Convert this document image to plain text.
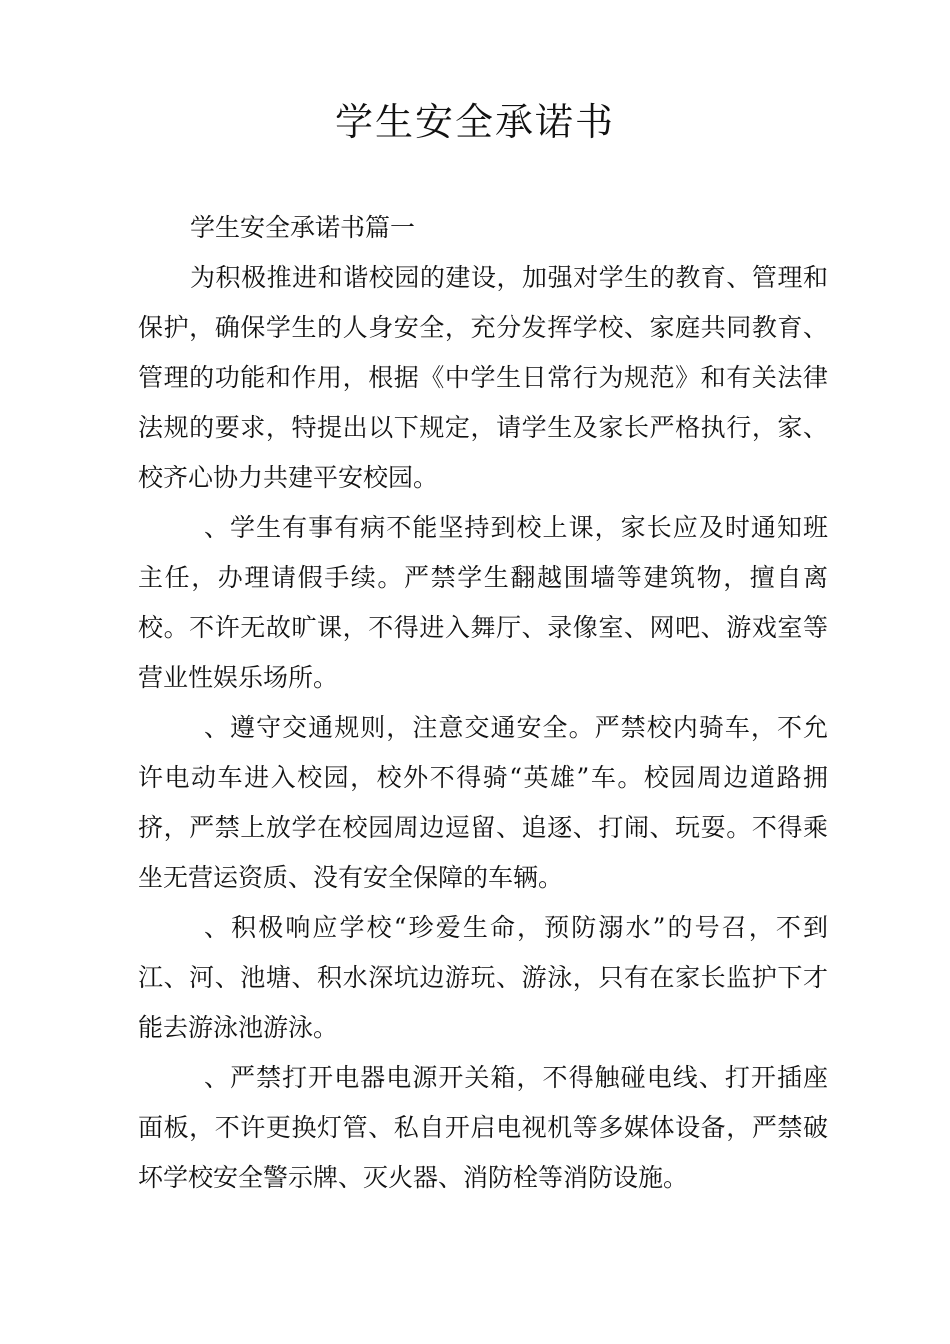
学生安全承诺书

学生安全承诺书篇一

为积极推进和谐校园的建设，加强对学生的教育、管理和保护，确保学生的人身安全，充分发挥学校、家庭共同教育、管理的功能和作用，根据《中学生日常行为规范》和有关法律法规的要求，特提出以下规定，请学生及家长严格执行，家、校齐心协力共建平安校园。

、学生有事有病不能坚持到校上课，家长应及时通知班主任，办理请假手续。严禁学生翻越围墙等建筑物，擅自离校。不许无故旷课，不得进入舞厅、录像室、网吧、游戏室等营业性娱乐场所。

、遵守交通规则，注意交通安全。严禁校内骑车，不允许电动车进入校园，校外不得骑“英雄”车。校园周边道路拥挤，严禁上放学在校园周边逗留、追逐、打闹、玩耍。不得乘坐无营运资质、没有安全保障的车辆。

、积极响应学校“珍爱生命，预防溺水”的号召，不到江、河、池塘、积水深坑边游玩、游泳，只有在家长监护下才能去游泳池游泳。

、严禁打开电器电源开关箱，不得触碰电线、打开插座面板，不许更换灯管、私自开启电视机等多媒体设备，严禁破坏学校安全警示牌、灭火器、消防栓等消防设施。
